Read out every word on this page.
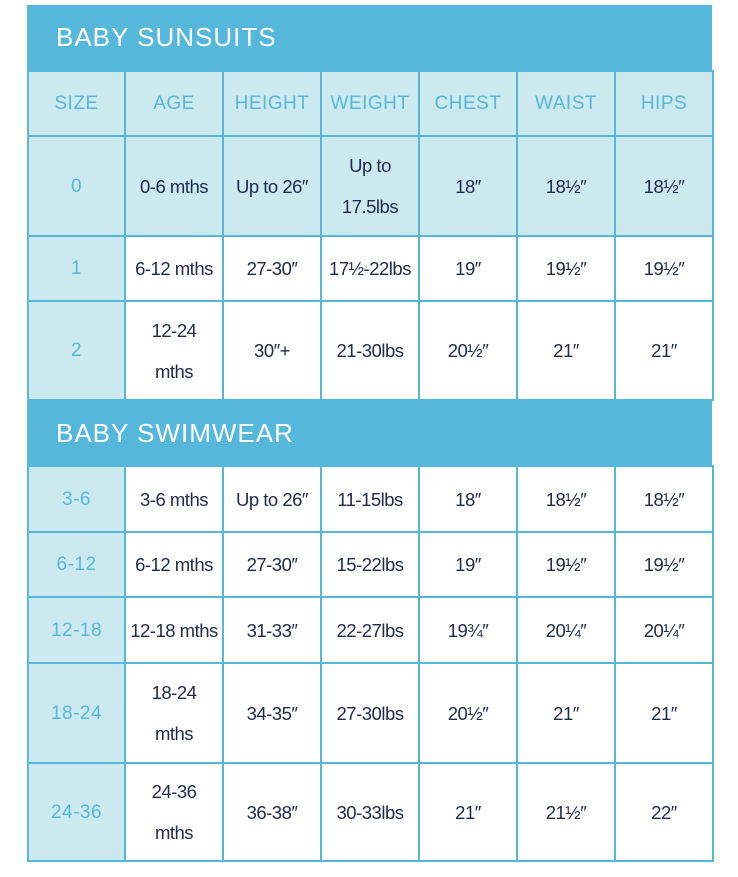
BABY SUNSUITS
SIZE	AGE	HEIGHT	WEIGHT	CHEST	WAIST	HIPS
0	0-6 mths	Up to 26″	Up to 17.5lbs	18″	18½″	18½″
1	6-12 mths	27-30″	17½-22lbs	19″	19½″	19½″
2	12-24 mths	30″+	21-30lbs	20½″	21″	21″
BABY SWIMWEAR
3-6	3-6 mths	Up to 26″	11-15lbs	18″	18½″	18½″
6-12	6-12 mths	27-30″	15-22lbs	19″	19½″	19½″
12-18	12-18 mths	31-33″	22-27lbs	19¾″	20¼″	20¼″
18-24	18-24 mths	34-35″	27-30lbs	20½″	21″	21″
24-36	24-36 mths	36-38″	30-33lbs	21″	21½″	22″
